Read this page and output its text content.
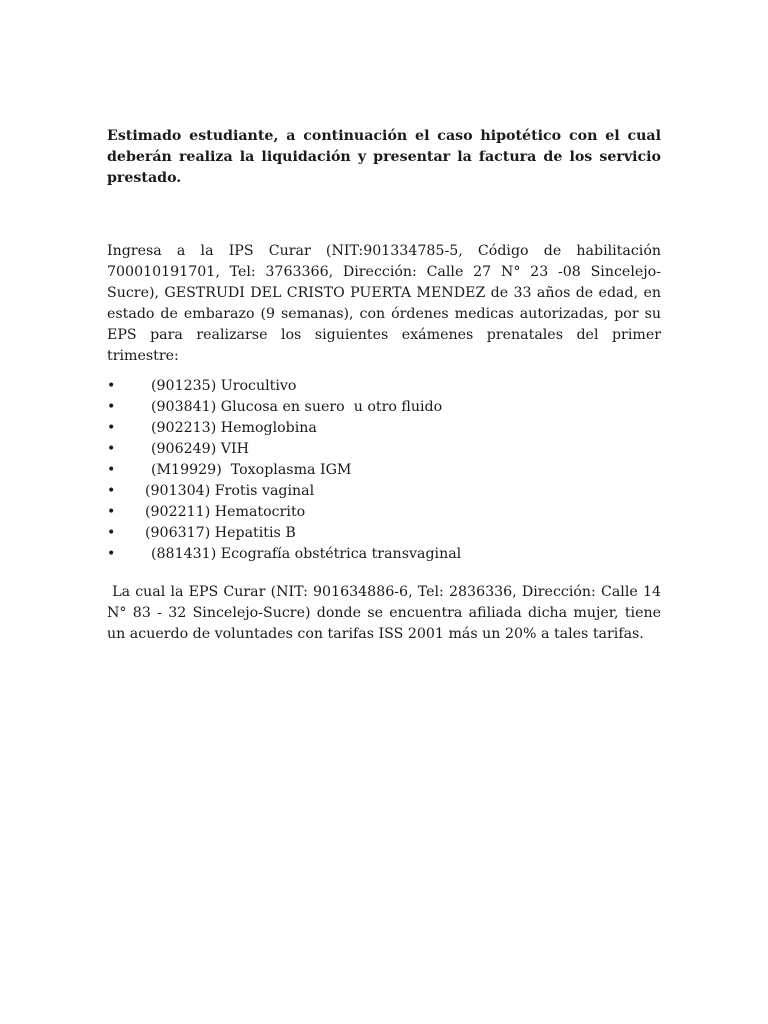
Estimado estudiante, a continuación el caso hipotético con el cual deberán realiza la liquidación y presentar la factura de los servicio prestado.

Ingresa a la IPS Curar (NIT:901334785-5, Código de habilitación 700010191701, Tel: 3763366, Dirección: Calle 27 N° 23 -08 Sincelejo-Sucre), GESTRUDI DEL CRISTO PUERTA MENDEZ de 33 años de edad, en estado de embarazo (9 semanas), con órdenes medicas autorizadas, por su EPS para realizarse los siguientes exámenes prenatales del primer trimestre:

•	(901235)
Urocultivo
•	(903841)
Glucosa en suero  u otro fluido
•	(902213)
Hemoglobina
•	(906249)
VIH
•	(M19929)
Toxoplasma IGM
•	(901304)
Frotis vaginal
•	(902211)
Hematocrito
•	(906317)
Hepatitis B
•	(881431)
Ecografía obstétrica transvaginal

La cual la EPS Curar (NIT: 901634886-6, Tel: 2836336, Dirección: Calle 14 N° 83 - 32 Sincelejo-Sucre) donde se encuentra afiliada dicha mujer, tiene un acuerdo de voluntades con tarifas ISS 2001 más un 20% a tales tarifas.
